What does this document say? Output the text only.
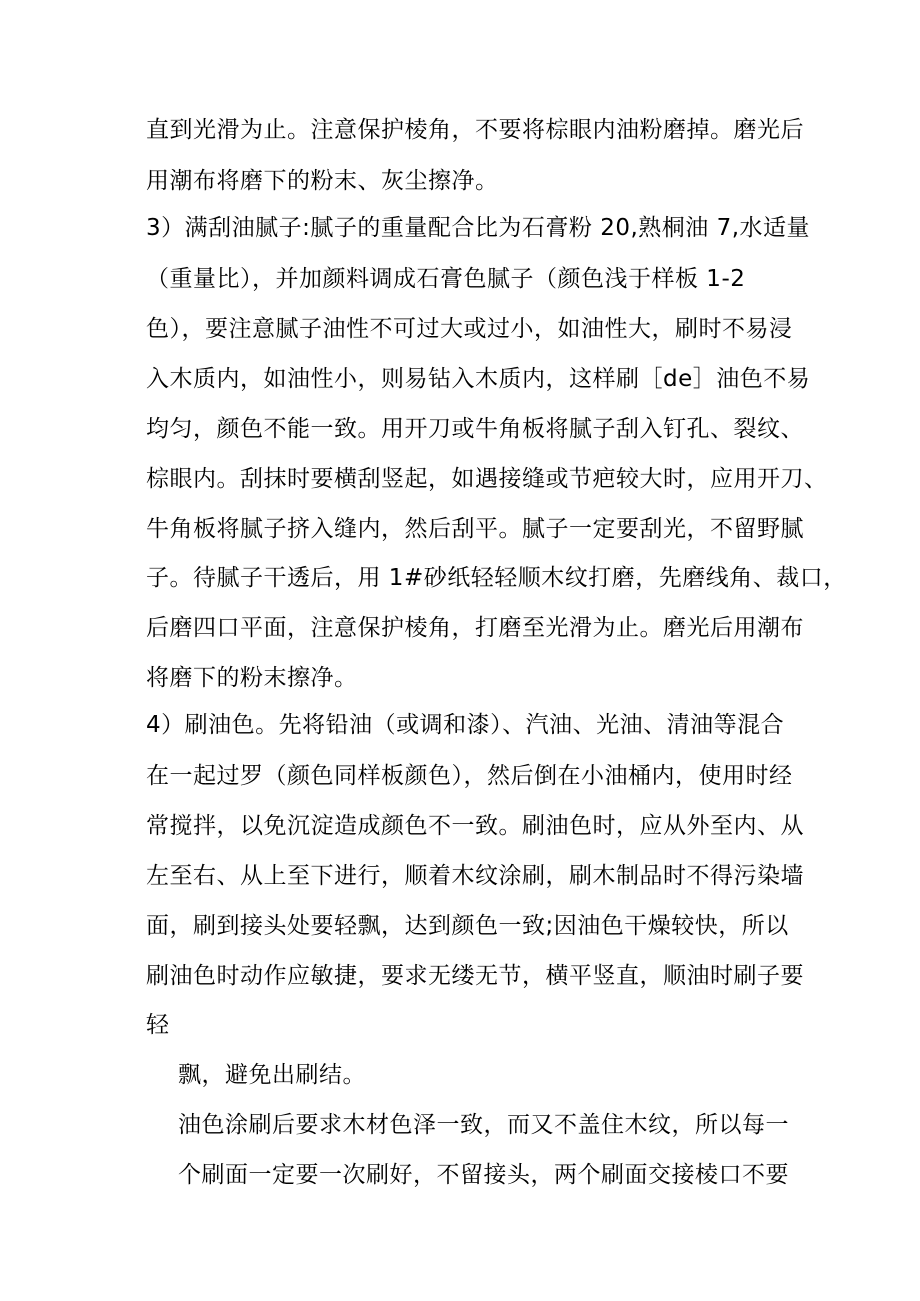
直到光滑为止。注意保护棱角，不要将棕眼内油粉磨掉。磨光后
用潮布将磨下的粉末、灰尘擦净。
3）满刮油腻子:腻子的重量配合比为石膏粉 20,熟桐油 7,水适量
（重量比），并加颜料调成石膏色腻子（颜色浅于样板 1-2
色），要注意腻子油性不可过大或过小，如油性大，刷时不易浸
入木质内，如油性小，则易钻入木质内，这样刷［de］油色不易
均匀，颜色不能一致。用开刀或牛角板将腻子刮入钉孔、裂纹、
棕眼内。刮抹时要横刮竖起，如遇接缝或节疤较大时，应用开刀、
牛角板将腻子挤入缝内，然后刮平。腻子一定要刮光，不留野腻
子。待腻子干透后，用 1#砂纸轻轻顺木纹打磨，先磨线角、裁口，
后磨四口平面，注意保护棱角，打磨至光滑为止。磨光后用潮布
将磨下的粉末擦净。
4）刷油色。先将铅油（或调和漆）、汽油、光油、清油等混合
在一起过罗（颜色同样板颜色），然后倒在小油桶内，使用时经
常搅拌，以免沉淀造成颜色不一致。刷油色时，应从外至内、从
左至右、从上至下进行，顺着木纹涂刷，刷木制品时不得污染墙
面，刷到接头处要轻飘，达到颜色一致;因油色干燥较快，所以
刷油色时动作应敏捷，要求无缕无节，横平竖直，顺油时刷子要
轻
飘，避免出刷结。
油色涂刷后要求木材色泽一致，而又不盖住木纹，所以每一
个刷面一定要一次刷好，不留接头，两个刷面交接棱口不要
